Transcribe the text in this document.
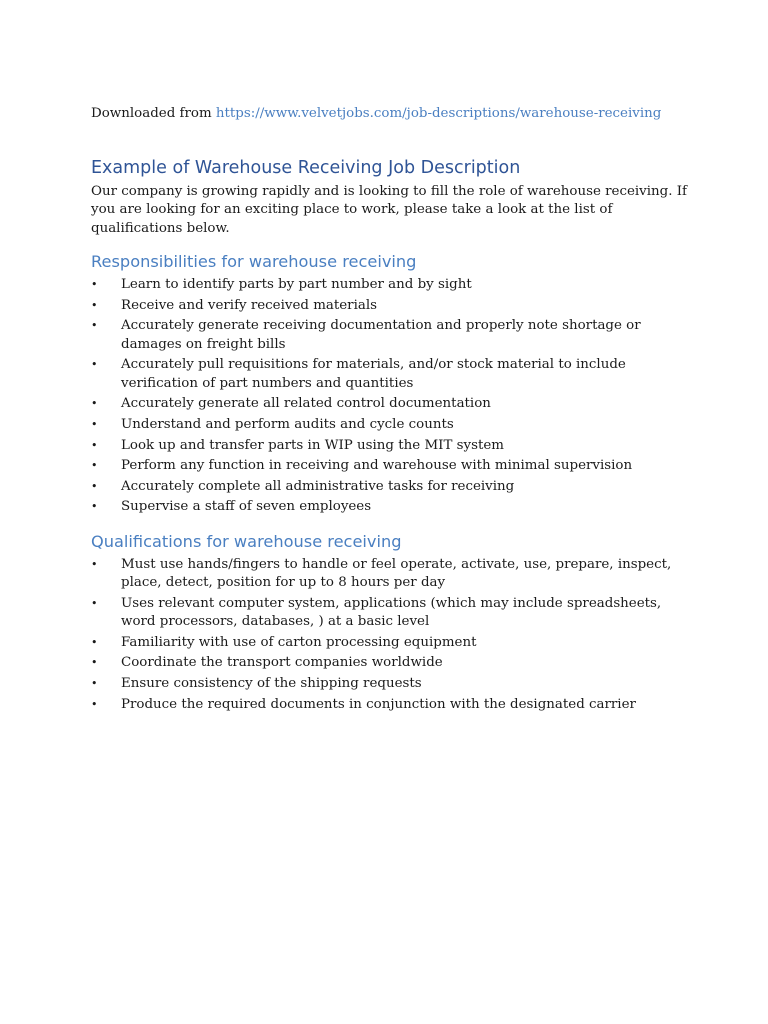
Downloaded from https://www.velvetjobs.com/job-descriptions/warehouse-receiving

Example of Warehouse Receiving Job Description

Our company is growing rapidly and is looking to fill the role of warehouse receiving. If you are looking for an exciting place to work, please take a look at the list of qualifications below.

Responsibilities for warehouse receiving
• Learn to identify parts by part number and by sight
• Receive and verify received materials
• Accurately generate receiving documentation and properly note shortage or damages on freight bills
• Accurately pull requisitions for materials, and/or stock material to include verification of part numbers and quantities
• Accurately generate all related control documentation
• Understand and perform audits and cycle counts
• Look up and transfer parts in WIP using the MIT system
• Perform any function in receiving and warehouse with minimal supervision
• Accurately complete all administrative tasks for receiving
• Supervise a staff of seven employees
Qualifications for warehouse receiving
• Must use hands/fingers to handle or feel operate, activate, use, prepare, inspect, place, detect, position for up to 8 hours per day
• Uses relevant computer system, applications (which may include spreadsheets, word processors, databases, ) at a basic level
• Familiarity with use of carton processing equipment
• Coordinate the transport companies worldwide
• Ensure consistency of the shipping requests
• Produce the required documents in conjunction with the designated carrier
